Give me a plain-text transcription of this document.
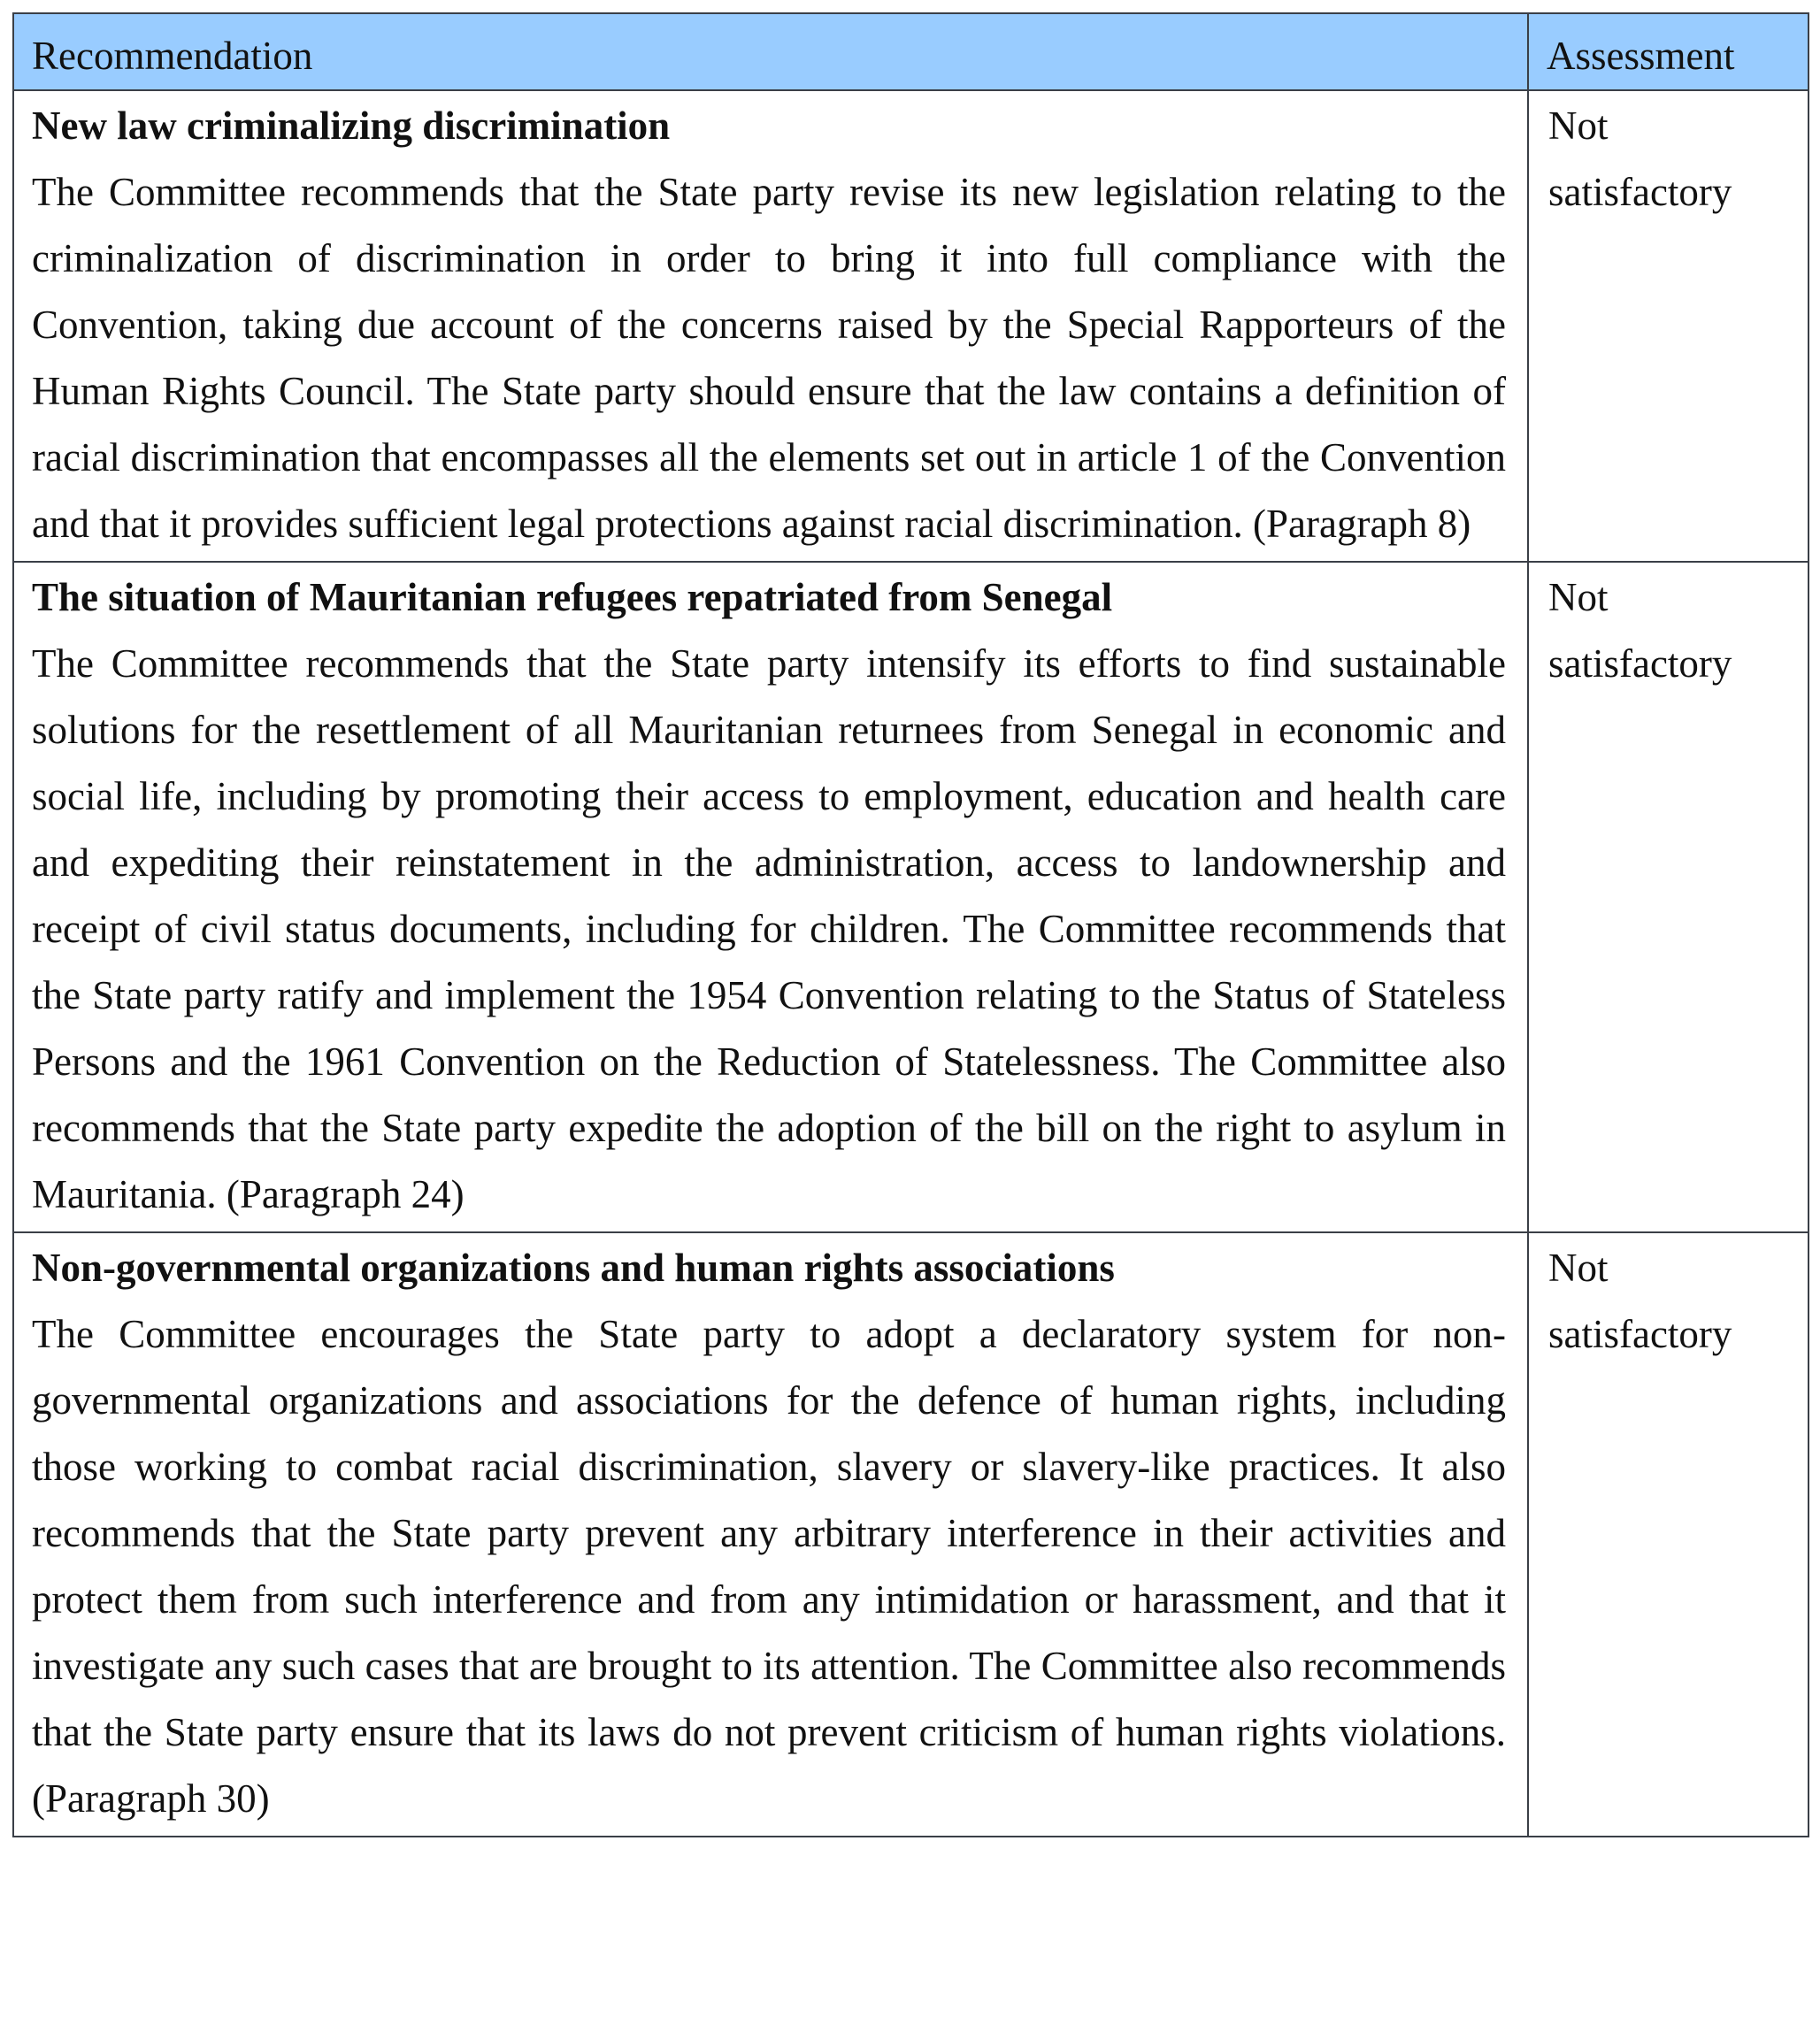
Recommendation	Assessment

New law criminalizing discrimination
The Committee recommends that the State party revise its new legislation relating to the criminalization of discrimination in order to bring it into full compliance with the Convention, taking due account of the concerns raised by the Special Rapporteurs of the Human Rights Council. The State party should ensure that the law contains a definition of racial discrimination that encompasses all the elements set out in article 1 of the Convention and that it provides sufficient legal protections against racial discrimination. (Paragraph 8)	Not satisfactory

The situation of Mauritanian refugees repatriated from Senegal
The Committee recommends that the State party intensify its efforts to find sustainable solutions for the resettlement of all Mauritanian returnees from Senegal in economic and social life, including by promoting their access to employment, education and health care and expediting their reinstatement in the administration, access to landownership and receipt of civil status documents, including for children. The Committee recommends that the State party ratify and implement the 1954 Convention relating to the Status of Stateless Persons and the 1961 Convention on the Reduction of Statelessness. The Committee also recommends that the State party expedite the adoption of the bill on the right to asylum in Mauritania. (Paragraph 24)	Not satisfactory

Non-governmental organizations and human rights associations
The Committee encourages the State party to adopt a declaratory system for non-governmental organizations and associations for the defence of human rights, including those working to combat racial discrimination, slavery or slavery-like practices. It also recommends that the State party prevent any arbitrary interference in their activities and protect them from such interference and from any intimidation or harassment, and that it investigate any such cases that are brought to its attention. The Committee also recommends that the State party ensure that its laws do not prevent criticism of human rights violations. (Paragraph 30)	Not satisfactory
